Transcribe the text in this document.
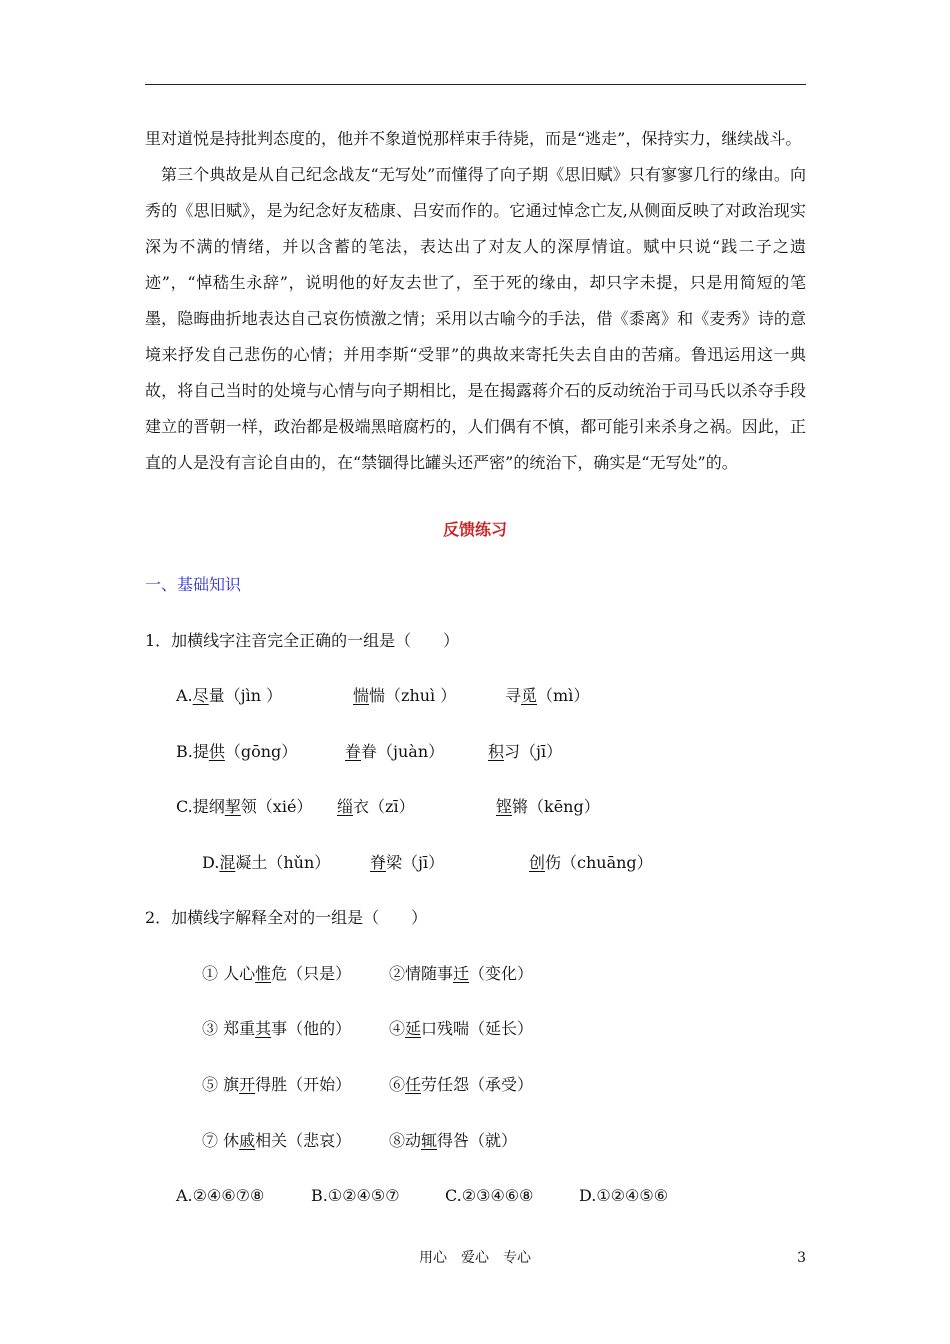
里对道悦是持批判态度的，他并不象道悦那样束手待毙，而是“逃走”，保持实力，继续战斗。

第三个典故是从自己纪念战友“无写处”而懂得了向子期《思旧赋》只有寥寥几行的缘由。向秀的《思旧赋》，是为纪念好友嵇康、吕安而作的。它通过悼念亡友,从侧面反映了对政治现实深为不满的情绪，并以含蓄的笔法，表达出了对友人的深厚情谊。赋中只说“践二子之遗迹”，“悼嵇生永辞”，说明他的好友去世了，至于死的缘由，却只字未提，只是用简短的笔墨，隐晦曲折地表达自己哀伤愤激之情；采用以古喻今的手法，借《黍离》和《麦秀》诗的意境来抒发自己悲伤的心情；并用李斯“受罪”的典故来寄托失去自由的苦痛。鲁迅运用这一典故，将自己当时的处境与心情与向子期相比，是在揭露蒋介石的反动统治于司马氏以杀夺手段建立的晋朝一样，政治都是极端黑暗腐朽的，人们偶有不慎，都可能引来杀身之祸。因此，正直的人是没有言论自由的，在“禁锢得比罐头还严密”的统治下，确实是“无写处”的。

反馈练习
一、基础知识
1．加横线字注音完全正确的一组是（　　）
A.尽量（jìn ）	惴惴（zhuì ）	寻觅（mì）
B.提供（gōng）	眷眷（juàn）	积习（jī）
C.提纲挈领（xié） 缁衣（zī）	铿锵（kēng）
D.混凝土（hǔn） 脊梁（jī）	创伤（chuāng）
2．加横线字解释全对的一组是（　　）
① 人心惟危（只是） ②情随事迁（变化）
③ 郑重其事（他的） ④延口残喘（延长）
⑤ 旗开得胜（开始） ⑥任劳任怨（承受）
⑦ 休戚相关（悲哀） ⑧动辄得咎（就）
A.②④⑥⑦⑧	B.①②④⑤⑦	C.②③④⑥⑧	D.①②④⑤⑥
用心　爱心　专心	3
